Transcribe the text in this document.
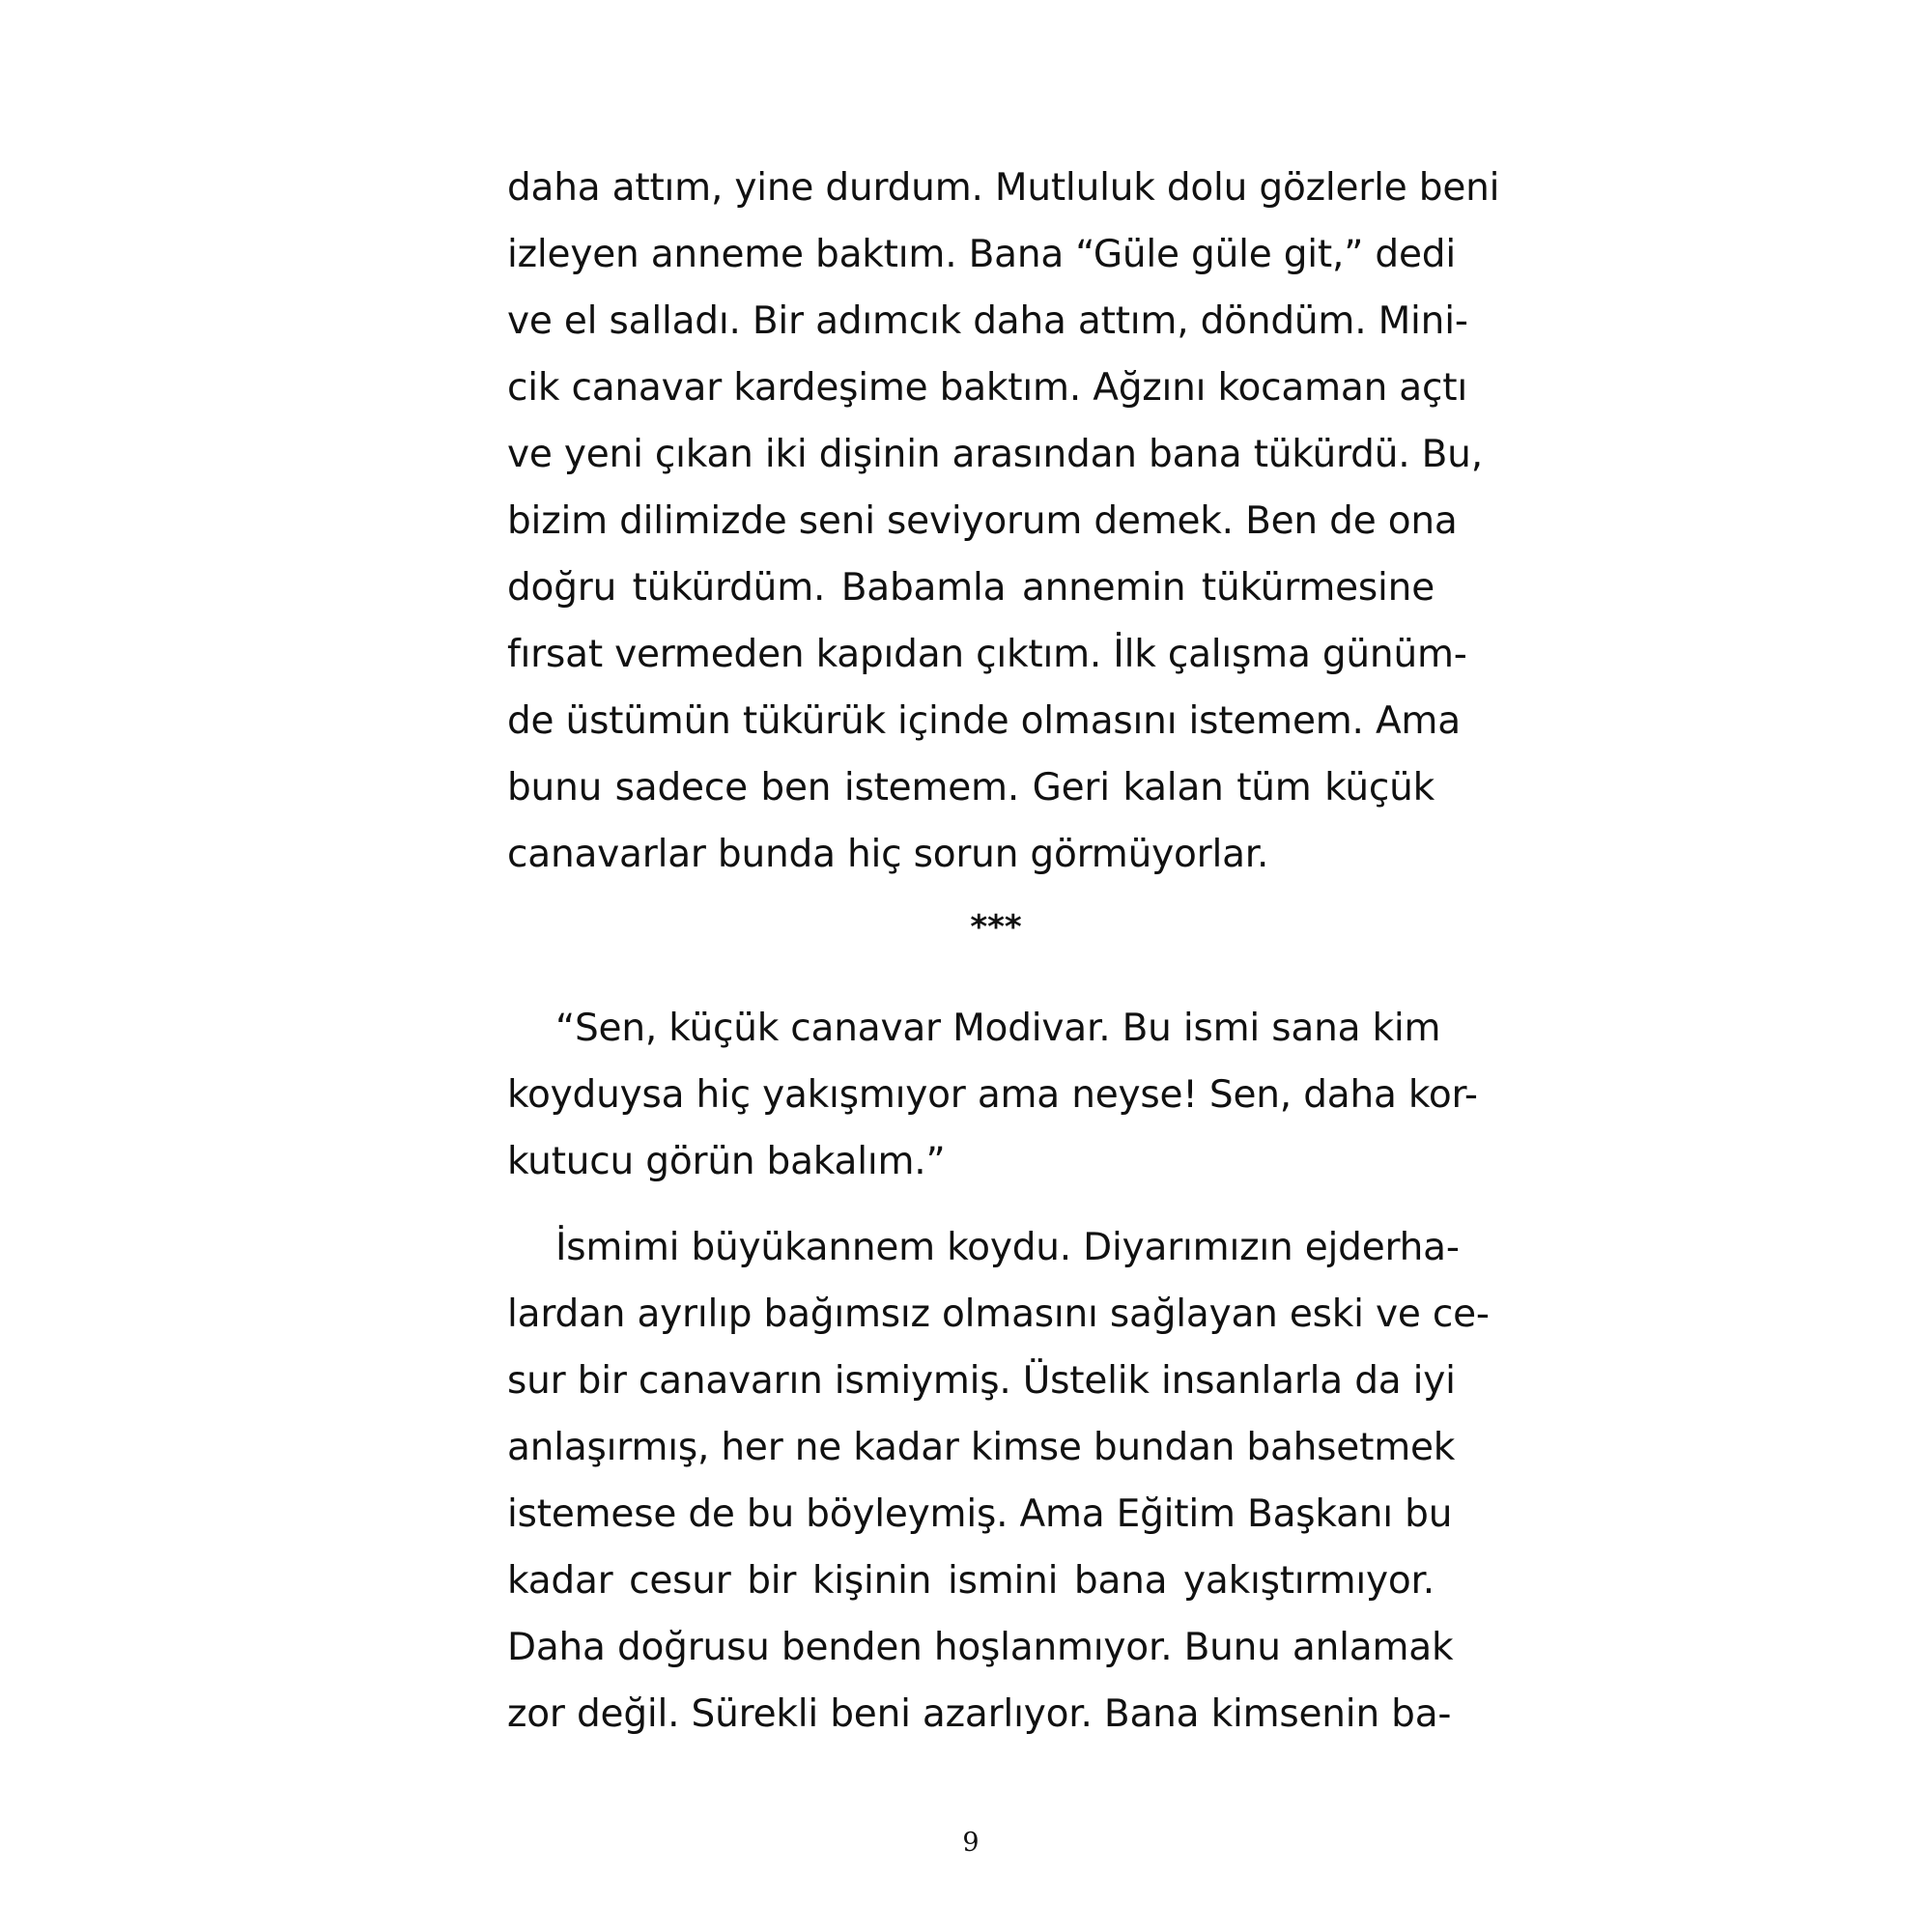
daha attım, yine durdum. Mutluluk dolu gözlerle beni
izleyen anneme baktım. Bana “Güle güle git,” dedi
ve el salladı. Bir adımcık daha attım, döndüm. Mini-
cik canavar kardeşime baktım. Ağzını kocaman açtı
ve yeni çıkan iki dişinin arasından bana tükürdü. Bu,
bizim dilimizde seni seviyorum demek. Ben de ona
doğru tükürdüm. Babamla annemin tükürmesine
fırsat vermeden kapıdan çıktım. İlk çalışma günüm-
de üstümün tükürük içinde olmasını istemem. Ama
bunu sadece ben istemem. Geri kalan tüm küçük
canavarlar bunda hiç sorun görmüyorlar.
***
“Sen, küçük canavar Modivar. Bu ismi sana kim
koyduysa hiç yakışmıyor ama neyse! Sen, daha kor-
kutucu görün bakalım.”
İsmimi büyükannem koydu. Diyarımızın ejderha-
lardan ayrılıp bağımsız olmasını sağlayan eski ve ce-
sur bir canavarın ismiymiş. Üstelik insanlarla da iyi
anlaşırmış, her ne kadar kimse bundan bahsetmek
istemese de bu böyleymiş. Ama Eğitim Başkanı bu
kadar cesur bir kişinin ismini bana yakıştırmıyor.
Daha doğrusu benden hoşlanmıyor. Bunu anlamak
zor değil. Sürekli beni azarlıyor. Bana kimsenin ba-
9
